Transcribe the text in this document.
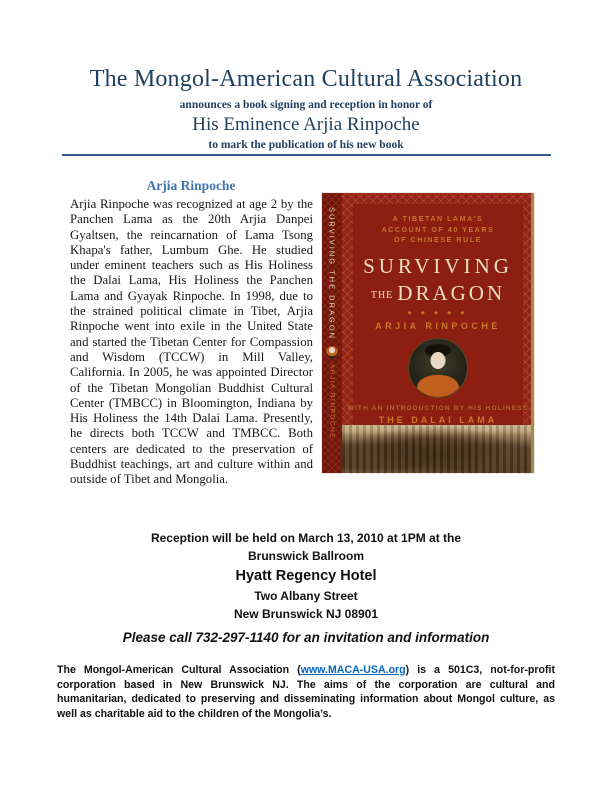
The Mongol-American Cultural Association
announces a book signing and reception in honor of
His Eminence Arjia Rinpoche
to mark the publication of his new book
Arjia Rinpoche
Arjia Rinpoche was recognized at age 2 by the Panchen Lama as the 20th Arjia Danpei Gyaltsen, the reincarnation of Lama Tsong Khapa's father, Lumbum Ghe. He studied under eminent teachers such as His Holiness the Dalai Lama, His Holiness the Panchen Lama and Gyayak Rinpoche. In 1998, due to the strained political climate in Tibet, Arjia Rinpoche went into exile in the United State and started the Tibetan Center for Compassion and Wisdom (TCCW) in Mill Valley, California. In 2005, he was appointed Director of the Tibetan Mongolian Buddhist Cultural Center (TMBCC) in Bloomington, Indiana by His Holiness the 14th Dalai Lama. Presently, he directs both TCCW and TMBCC. Both centers are dedicated to the preservation of Buddhist teachings, art and culture within and outside of Tibet and Mongolia.
SURVIVING THE DRAGON
ARJIA RINPOCHE
A TIBETAN LAMA'S
ACCOUNT OF 40 YEARS
OF CHINESE RULE
SURVIVING
THE DRAGON
◆ ◆ ◆ ◆ ◆
ARJIA RINPOCHE
WITH AN INTRODUCTION BY HIS HOLINESS
THE DALAI LAMA
Reception will be held on March 13, 2010 at 1PM at the
Brunswick Ballroom
Hyatt Regency Hotel
Two Albany Street
New Brunswick NJ 08901
Please call 732-297-1140 for an invitation and information
The Mongol-American Cultural Association (www.MACA-USA.org) is a 501C3, not-for-profit corporation based in New Brunswick NJ. The aims of the corporation are cultural and humanitarian, dedicated to preserving and disseminating information about Mongol culture, as well as charitable aid to the children of the Mongolia’s.
